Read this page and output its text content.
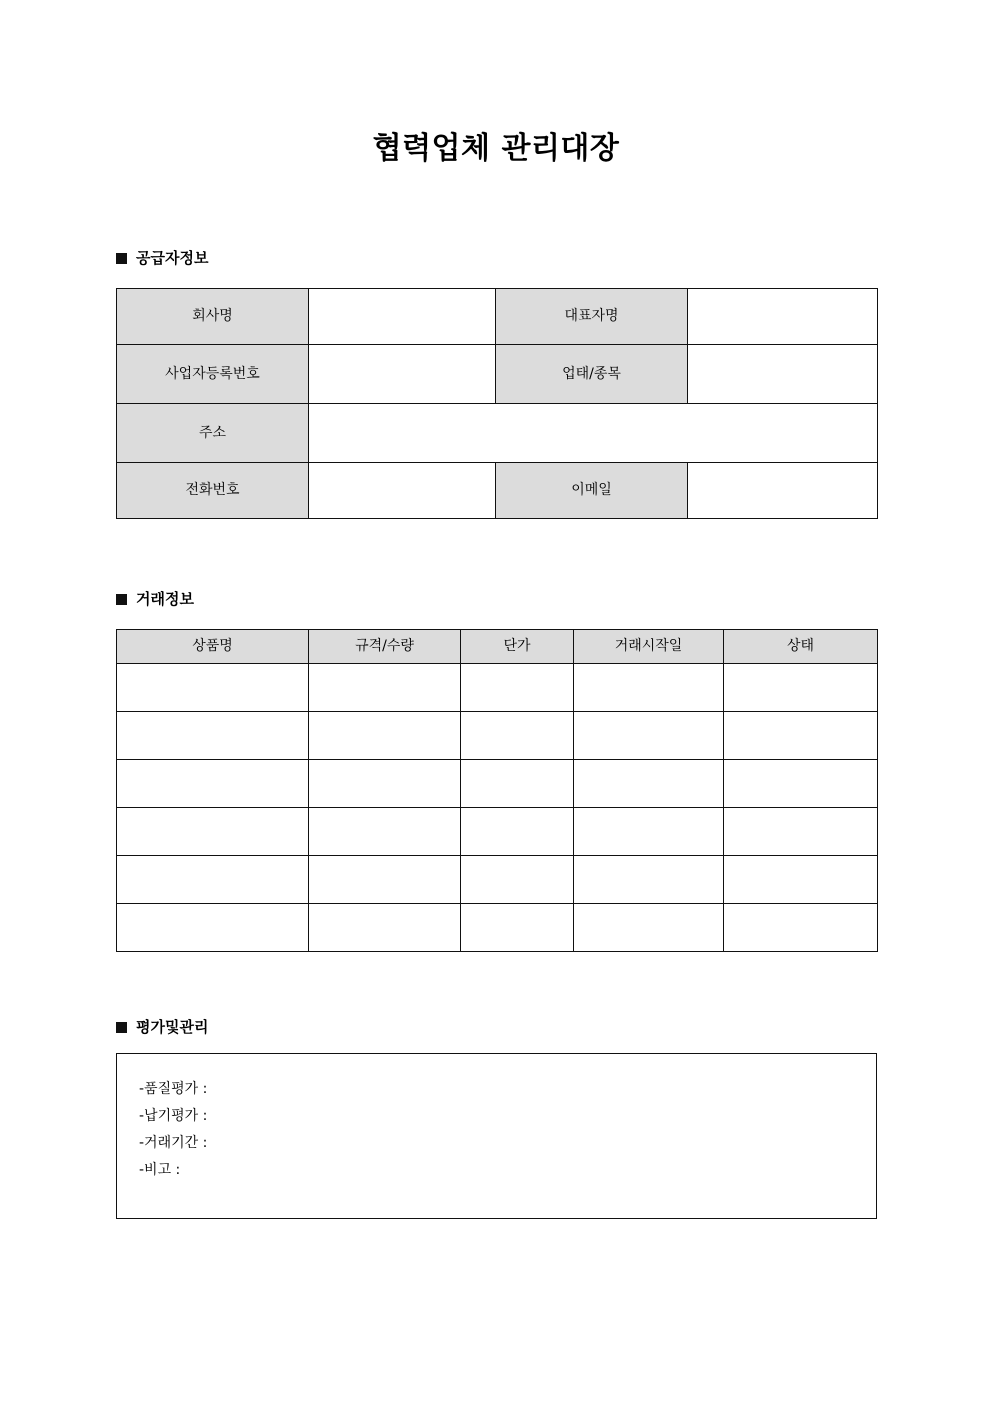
협력업체 관리대장
공급자정보
회사명		대표자명	
사업자등록번호		업태/종목	
주소			
전화번호		이메일	
거래정보
상품명	규격/수량	단가	거래시작일	상태

평가및관리
-품질평가 :
-납기평가 :
-거래기간 :
-비고 :
